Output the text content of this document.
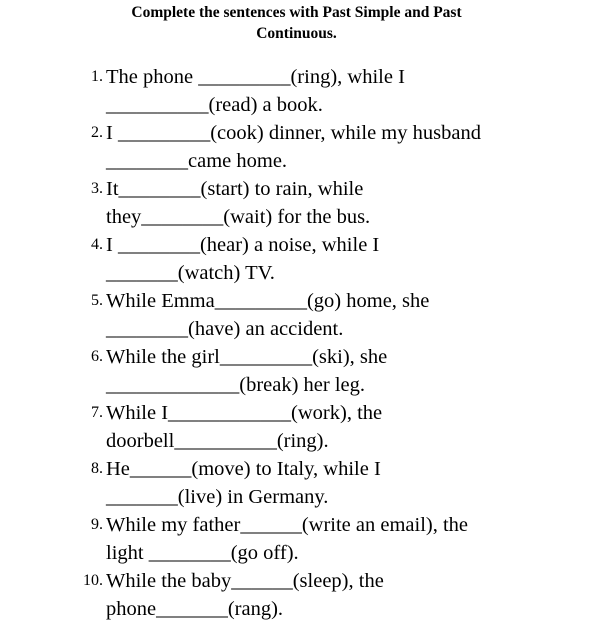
Complete the sentences with Past Simple and Past
Continuous.
1. The phone _________(ring), while I
__________(read) a book.
2. I _________(cook) dinner, while my husband
________came home.
3. It________(start) to rain, while
they________(wait) for the bus.
4. I ________(hear) a noise, while I
_______(watch) TV.
5. While Emma_________(go) home, she
________(have) an accident.
6. While the girl_________(ski), she
_____________(break) her leg.
7. While I____________(work), the
doorbell__________(ring).
8. He______(move) to Italy, while I
_______(live) in Germany.
9. While my father______(write an email), the
light ________(go off).
10. While the baby______(sleep), the
phone_______(rang).
